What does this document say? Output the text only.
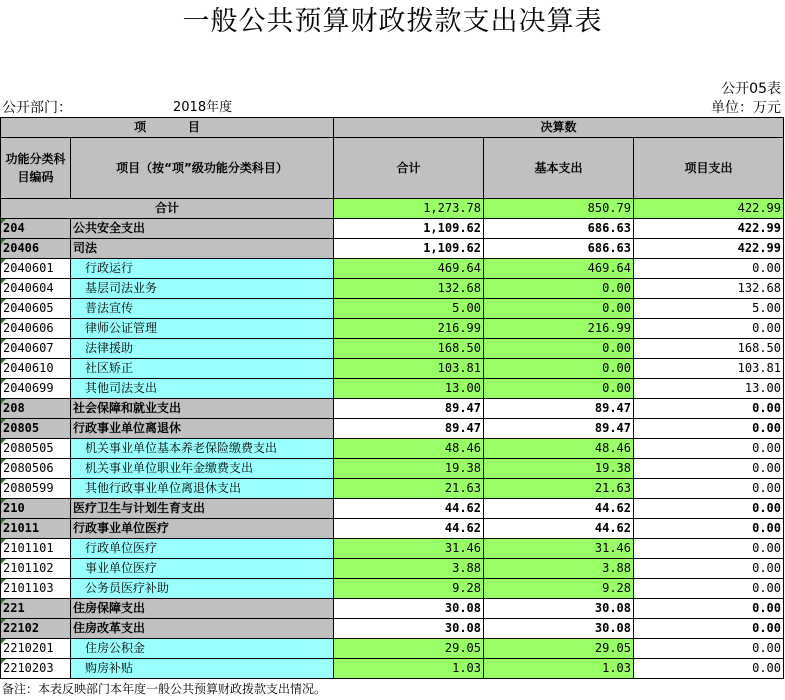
一般公共预算财政拨款支出决算表
公开05表
公开部门：	2018年度	单位：万元
项          目		决算数		
功能分类科目编码	项目（按“项”级功能分类科目）	合计	基本支出	项目支出
合计		1,273.78	850.79	422.99
204	公共安全支出	1,109.62	686.63	422.99
20406	司法	1,109.62	686.63	422.99
2040601	行政运行	469.64	469.64	0.00
2040604	基层司法业务	132.68	0.00	132.68
2040605	普法宣传	5.00	0.00	5.00
2040606	律师公证管理	216.99	216.99	0.00
2040607	法律援助	168.50	0.00	168.50
2040610	社区矫正	103.81	0.00	103.81
2040699	其他司法支出	13.00	0.00	13.00
208	社会保障和就业支出	89.47	89.47	0.00
20805	行政事业单位离退休	89.47	89.47	0.00
2080505	机关事业单位基本养老保险缴费支出	48.46	48.46	0.00
2080506	机关事业单位职业年金缴费支出	19.38	19.38	0.00
2080599	其他行政事业单位离退休支出	21.63	21.63	0.00
210	医疗卫生与计划生育支出	44.62	44.62	0.00
21011	行政事业单位医疗	44.62	44.62	0.00
2101101	行政单位医疗	31.46	31.46	0.00
2101102	事业单位医疗	3.88	3.88	0.00
2101103	公务员医疗补助	9.28	9.28	0.00
221	住房保障支出	30.08	30.08	0.00
22102	住房改革支出	30.08	30.08	0.00
2210201	住房公积金	29.05	29.05	0.00
2210203	购房补贴	1.03	1.03	0.00
备注：本表反映部门本年度一般公共预算财政拨款支出情况。
